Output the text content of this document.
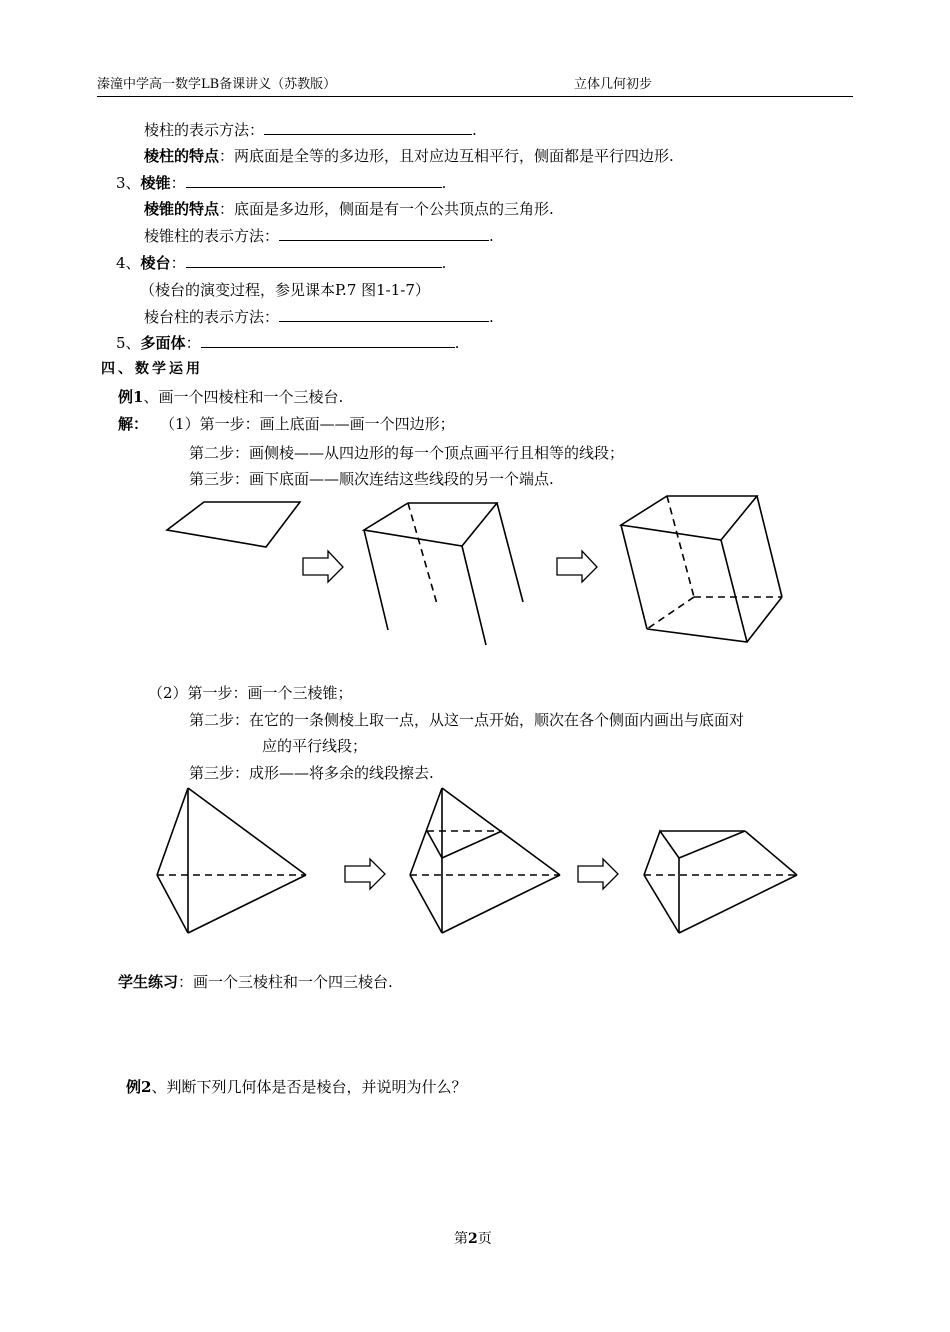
溱潼中学高一数学LB备课讲义（苏教版）	立体几何初步
棱柱的表示方法：	.
棱柱的特点：两底面是全等的多边形，且对应边互相平行，侧面都是平行四边形.
3、棱锥：	.
棱锥的特点：底面是多边形，侧面是有一个公共顶点的三角形.
棱锥柱的表示方法：	.
4、棱台：	.
（棱台的演变过程，参见课本P.7 图1-1-7）
棱台柱的表示方法：	.
5、多面体：	.
四、数学运用
例1、画一个四棱柱和一个三棱台.
解： （1）第一步：画上底面——画一个四边形；
第二步：画侧棱——从四边形的每一个顶点画平行且相等的线段；
第三步：画下底面——顺次连结这些线段的另一个端点.
（2）第一步：画一个三棱锥；
第二步：在它的一条侧棱上取一点，从这一点开始，顺次在各个侧面内画出与底面对
应的平行线段；
第三步：成形——将多余的线段擦去.
学生练习：画一个三棱柱和一个四三棱台.
例2、判断下列几何体是否是棱台，并说明为什么？
第2页
